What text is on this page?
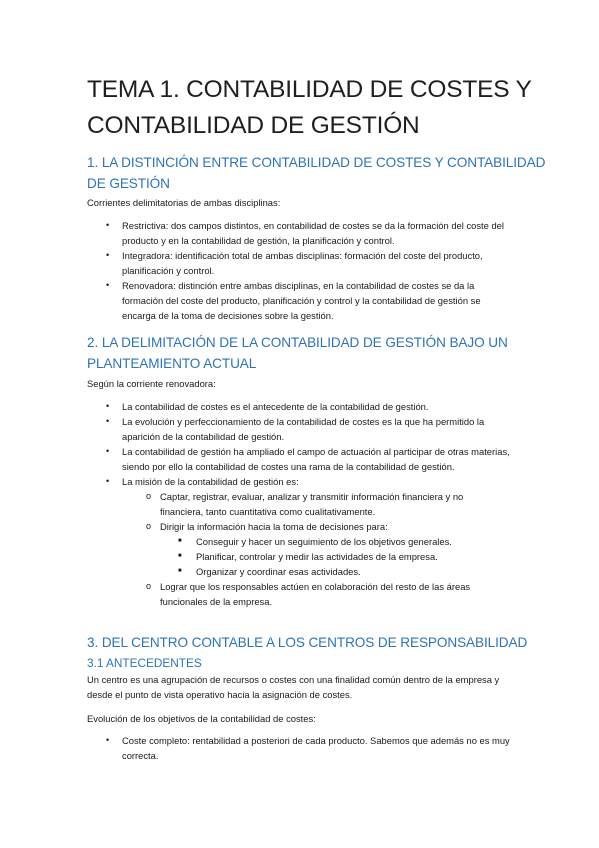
TEMA 1. CONTABILIDAD DE COSTES Y CONTABILIDAD DE GESTIÓN
1. LA DISTINCIÓN ENTRE CONTABILIDAD DE COSTES Y CONTABILIDAD DE GESTIÓN

Corrientes delimitatorias de ambas disciplinas:

• Restrictiva: dos campos distintos, en contabilidad de costes se da la formación del coste del producto y en la contabilidad de gestión, la planificación y control.
• Integradora: identificación total de ambas disciplinas: formación del coste del producto, planificación y control.
• Renovadora: distinción entre ambas disciplinas, en la contabilidad de costes se da la formación del coste del producto, planificación y control y la contabilidad de gestión se encarga de la toma de decisiones sobre la gestión.
2. LA DELIMITACIÓN DE LA CONTABILIDAD DE GESTIÓN BAJO UN PLANTEAMIENTO ACTUAL

Según la corriente renovadora:

• La contabilidad de costes es el antecedente de la contabilidad de gestión.
• La evolución y perfeccionamiento de la contabilidad de costes es la que ha permitido la aparición de la contabilidad de gestión.
• La contabilidad de gestión ha ampliado el campo de actuación al participar de otras materias, siendo por ello la contabilidad de costes una rama de la contabilidad de gestión.
• La misión de la contabilidad de gestión es:
o Captar, registrar, evaluar, analizar y transmitir información financiera y no financiera, tanto cuantitativa como cualitativamente.
o Dirigir la información hacia la toma de decisiones para:
■ Conseguir y hacer un seguimiento de los objetivos generales.
■ Planificar, controlar y medir las actividades de la empresa.
■ Organizar y coordinar esas actividades.
o Lograr que los responsables actúen en colaboración del resto de las áreas funcionales de la empresa.
3. DEL CENTRO CONTABLE A LOS CENTROS DE RESPONSABILIDAD
3.1 ANTECEDENTES

Un centro es una agrupación de recursos o costes con una finalidad común dentro de la empresa y desde el punto de vista operativo hacia la asignación de costes.

Evolución de los objetivos de la contabilidad de costes:

• Coste completo: rentabilidad a posteriori de cada producto. Sabemos que además no es muy correcta.
